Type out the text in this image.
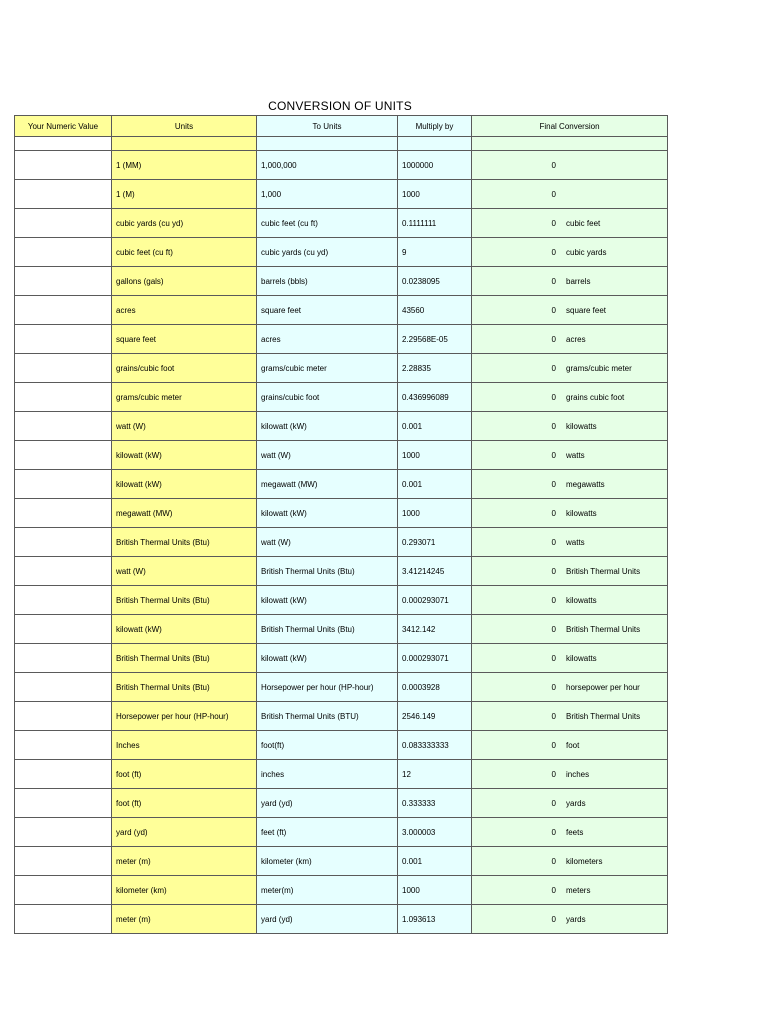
CONVERSION OF UNITS
Your Numeric Value	Units	To Units	Multiply by	Final Conversion

	1 (MM)	1,000,000	1000000	0

	1 (M)	1,000	1000	0

	cubic yards (cu yd)	cubic feet (cu ft)	0.1111111	0 cubic feet

	cubic feet (cu ft)	cubic yards (cu yd)	9	0 cubic yards

	gallons (gals)	barrels (bbls)	0.0238095	0 barrels

	acres	square feet	43560	0 square feet

	square feet	acres	2.29568E-05	0 acres

	grains/cubic foot	grams/cubic meter	2.28835	0 grams/cubic meter

	grams/cubic meter	grains/cubic foot	0.436996089	0 grains cubic foot

	watt (W)	kilowatt (kW)	0.001	0 kilowatts

	kilowatt (kW)	watt (W)	1000	0 watts

	kilowatt (kW)	megawatt (MW)	0.001	0 megawatts

	megawatt (MW)	kilowatt (kW)	1000	0 kilowatts

	British Thermal Units (Btu)	watt (W)	0.293071	0 watts

	watt (W)	British Thermal Units (Btu)	3.41214245	0 British Thermal Units

	British Thermal Units (Btu)	kilowatt (kW)	0.000293071	0 kilowatts

	kilowatt (kW)	British Thermal Units (Btu)	3412.142	0 British Thermal Units

	British Thermal Units (Btu)	kilowatt (kW)	0.000293071	0 kilowatts

	British Thermal Units (Btu)	Horsepower per hour (HP-hour)	0.0003928	0 horsepower per hour

	Horsepower per hour (HP-hour)	British Thermal Units (BTU)	2546.149	0 British Thermal Units

	Inches	foot(ft)	0.083333333	0 foot

	foot (ft)	inches	12	0 inches

	foot (ft)	yard (yd)	0.333333	0 yards

	yard (yd)	feet (ft)	3.000003	0 feets

	meter (m)	kilometer (km)	0.001	0 kilometers

	kilometer (km)	meter(m)	1000	0 meters

	meter (m)	yard (yd)	1.093613	0 yards
